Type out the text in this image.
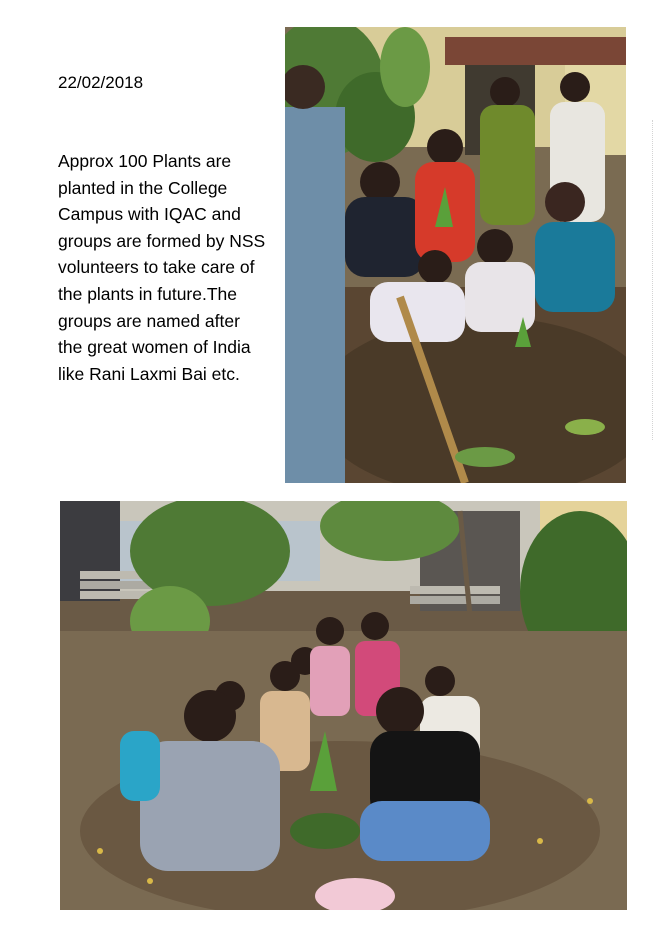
22/02/2018

Approx 100 Plants are planted in the College Campus with IQAC and groups are formed by NSS volunteers to take care of the plants in future.The groups are named after the great women of India like Rani Laxmi Bai etc.
